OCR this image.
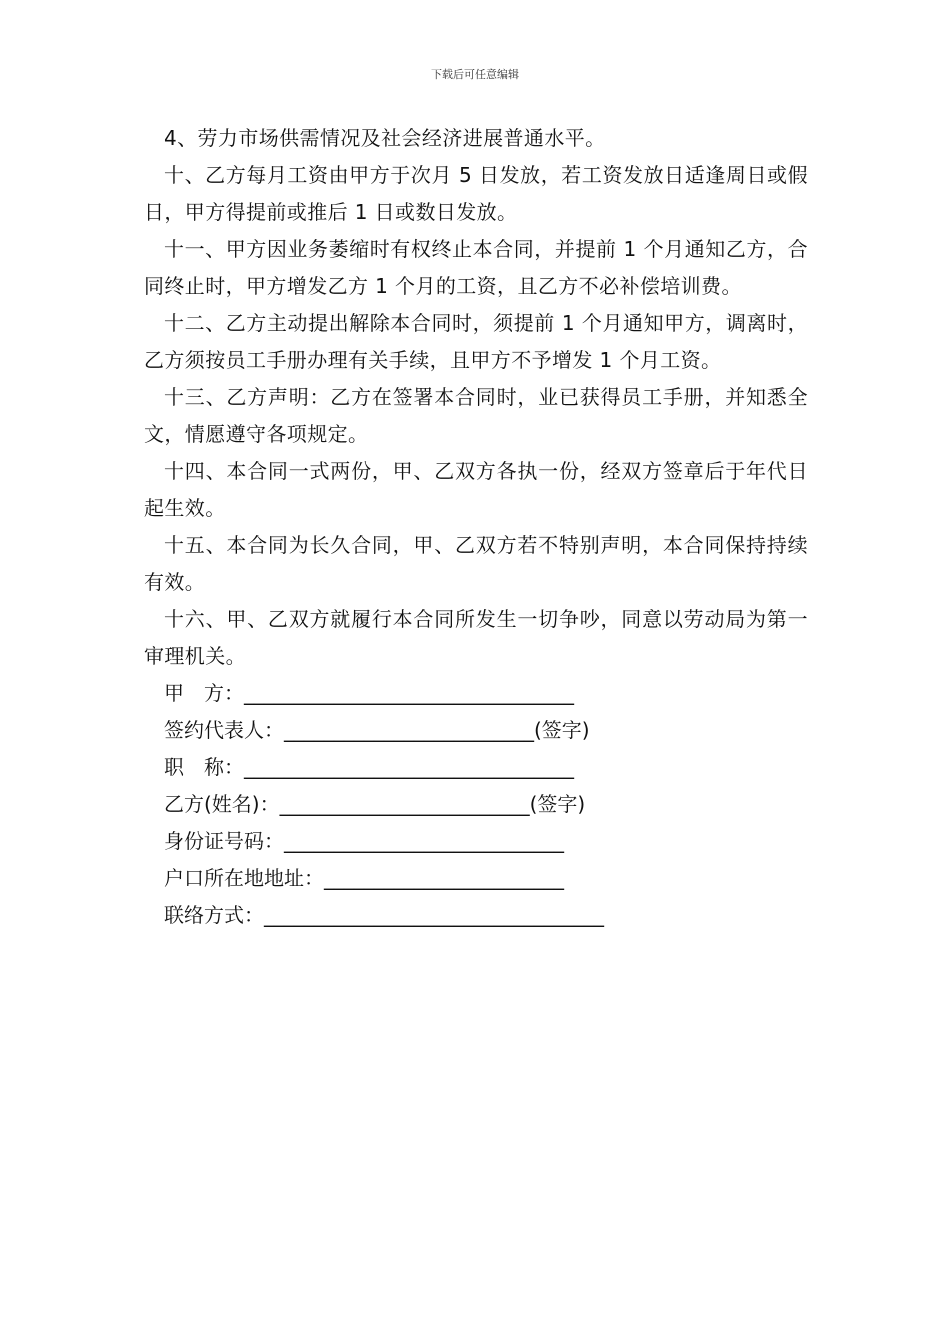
下载后可任意编辑

4、劳力市场供需情况及社会经济进展普通水平。

十、乙方每月工资由甲方于次月 5 日发放，若工资发放日适逢周日或假日，甲方得提前或推后 1 日或数日发放。

十一、甲方因业务萎缩时有权终止本合同，并提前 1 个月通知乙方，合同终止时，甲方增发乙方 1 个月的工资，且乙方不必补偿培训费。

十二、乙方主动提出解除本合同时，须提前 1 个月通知甲方，调离时，乙方须按员工手册办理有关手续，且甲方不予增发 1 个月工资。

十三、乙方声明：乙方在签署本合同时，业已获得员工手册，并知悉全文，情愿遵守各项规定。

十四、本合同一式两份，甲、乙双方各执一份，经双方签章后于年代日起生效。

十五、本合同为长久合同，甲、乙双方若不特别声明，本合同保持持续有效。

十六、甲、乙双方就履行本合同所发生一切争吵，同意以劳动局为第一审理机关。

甲　方：_________________________________

签约代表人：_________________________(签字)

职　称：_________________________________

乙方(姓名)：_________________________(签字)

身份证号码：____________________________

户口所在地地址：________________________

联络方式：__________________________________
